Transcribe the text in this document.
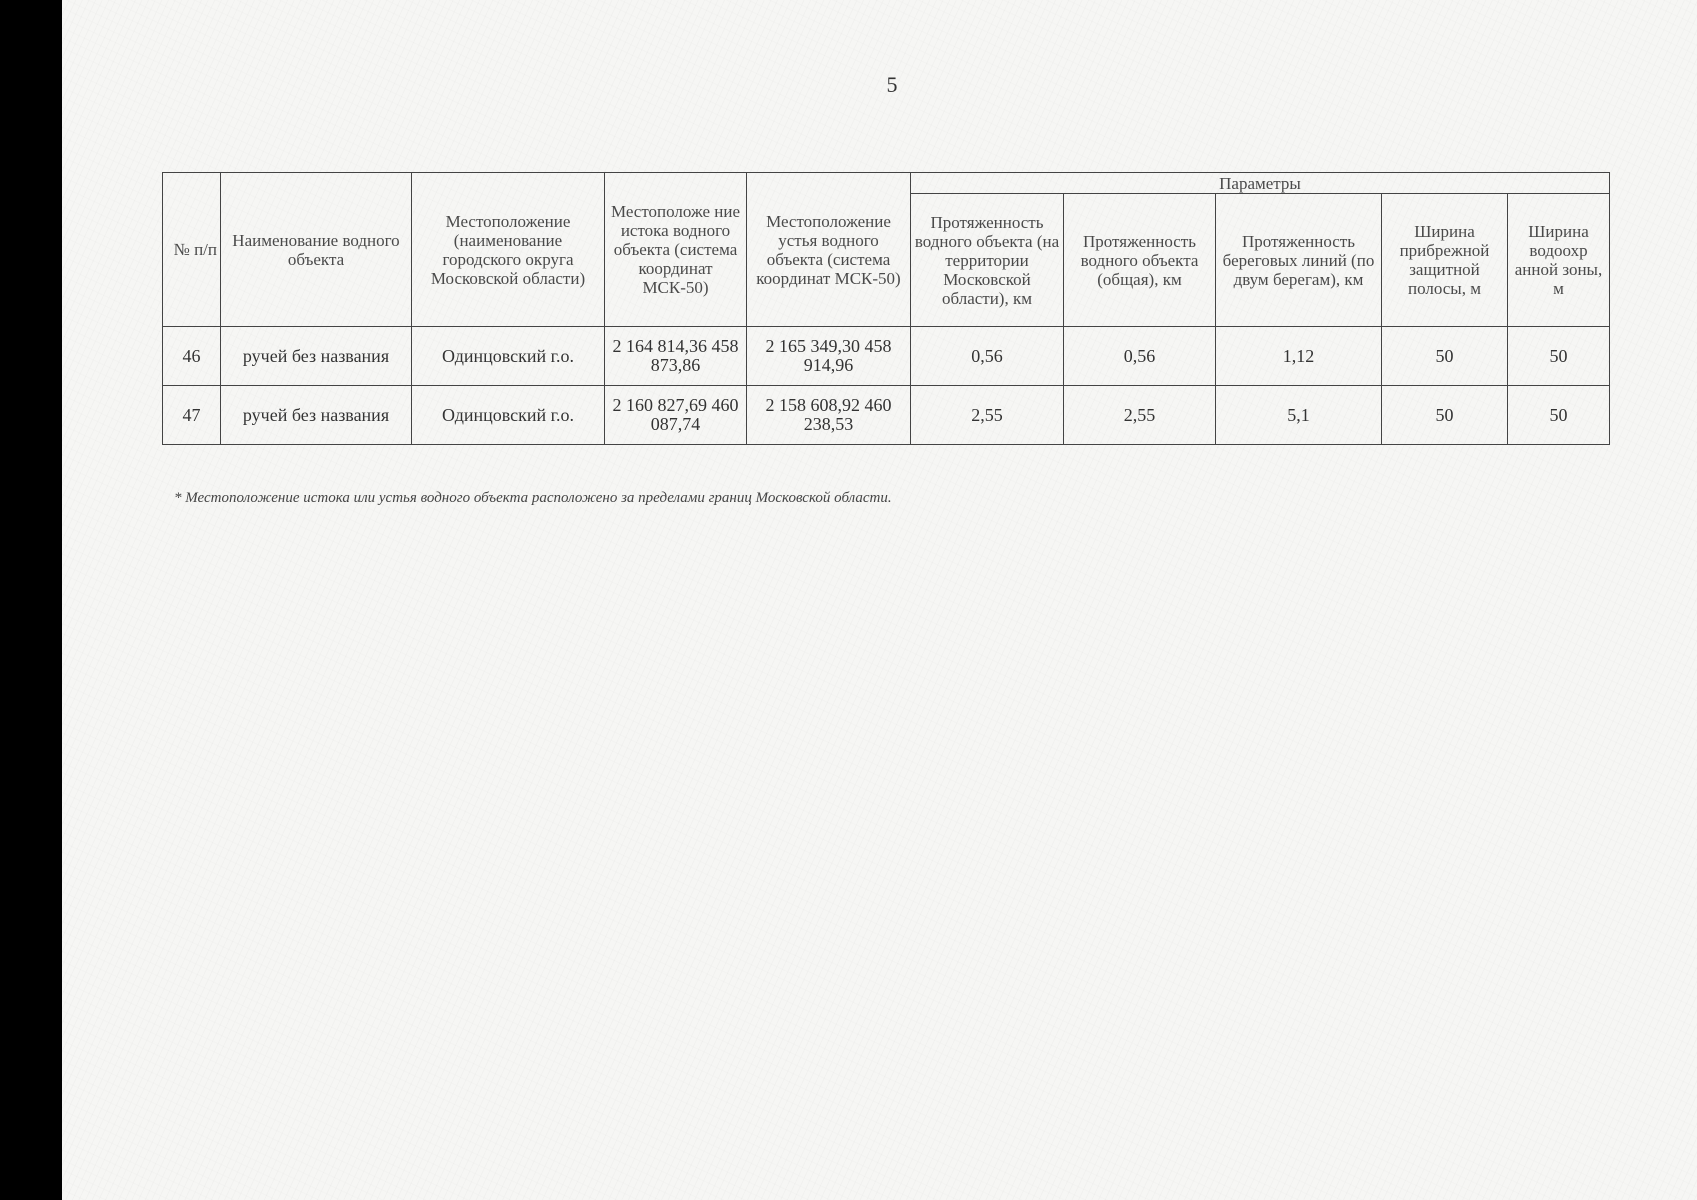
5
№ п/п	Наименование водного объекта	Местоположение (наименование городского округа Московской области)	Местоположе ние истока водного объекта (система координат МСК-50)	Местоположение устья водного объекта (система координат МСК-50)	Параметры				
					Протяженность водного объекта (на территории Московской области), км	Протяженность водного объекта (общая), км	Протяженность береговых линий (по двум берегам), км	Ширина прибрежной защитной полосы, м	Ширина водоохр анной зоны, м
46	ручей без названия	Одинцовский г.о.	2 164 814,36 458 873,86	2 165 349,30 458 914,96	0,56	0,56	1,12	50	50
47	ручей без названия	Одинцовский г.о.	2 160 827,69 460 087,74	2 158 608,92 460 238,53	2,55	2,55	5,1	50	50
* Местоположение истока или устья водного объекта расположено за пределами границ Московской области.
